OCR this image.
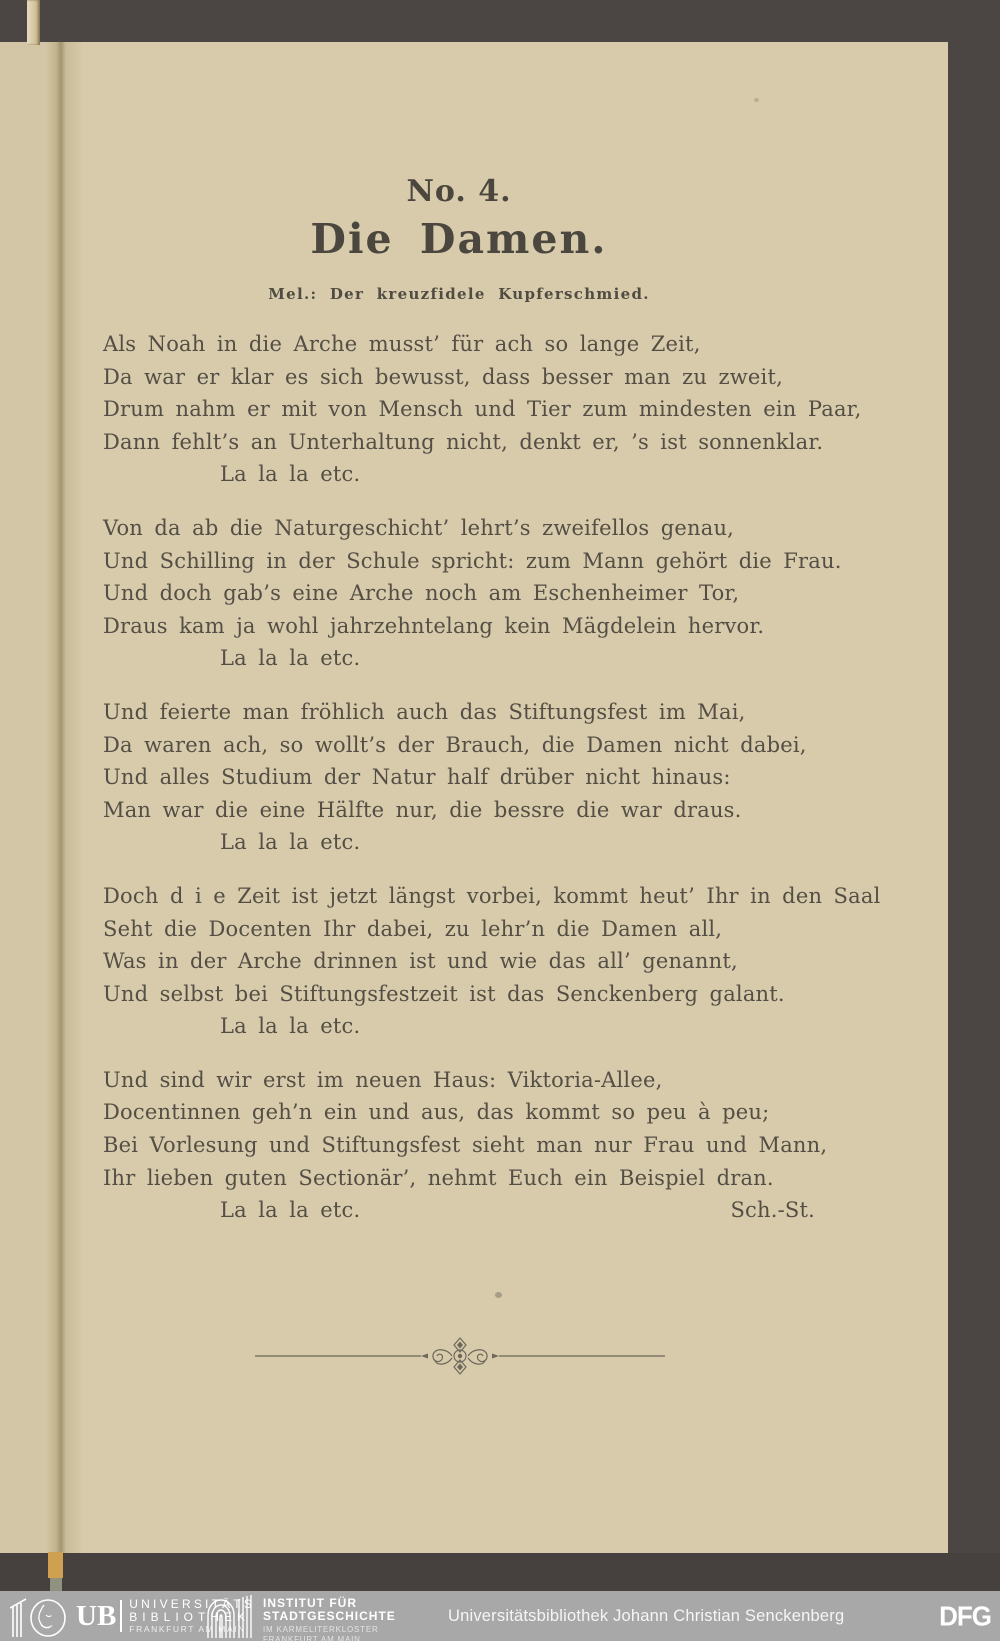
No. 4.
Die Damen.
Mel.: Der kreuzfidele Kupferschmied.
Als Noah in die Arche musst’ für ach so lange Zeit,
Da war er klar es sich bewusst, dass besser man zu zweit,
Drum nahm er mit von Mensch und Tier zum mindesten ein Paar,
Dann fehlt’s an Unterhaltung nicht, denkt er, ’s ist sonnenklar.
La la la etc.
Von da ab die Naturgeschicht’ lehrt’s zweifellos genau,
Und Schilling in der Schule spricht: zum Mann gehört die Frau.
Und doch gab’s eine Arche noch am Eschenheimer Tor,
Draus kam ja wohl jahrzehntelang kein Mägdelein hervor.
La la la etc.
Und feierte man fröhlich auch das Stiftungsfest im Mai,
Da waren ach, so wollt’s der Brauch, die Damen nicht dabei,
Und alles Studium der Natur half drüber nicht hinaus:
Man war die eine Hälfte nur, die bessre die war draus.
La la la etc.
Doch d i e Zeit ist jetzt längst vorbei, kommt heut’ Ihr in den Saal
Seht die Docenten Ihr dabei, zu lehr’n die Damen all,
Was in der Arche drinnen ist und wie das all’ genannt,
Und selbst bei Stiftungsfestzeit ist das Senckenberg galant.
La la la etc.
Und sind wir erst im neuen Haus: Viktoria-Allee,
Docentinnen geh’n ein und aus, das kommt so peu à peu;
Bei Vorlesung und Stiftungsfest sieht man nur Frau und Mann,
Ihr lieben guten Sectionär’, nehmt Euch ein Beispiel dran.
La la la etc.	Sch.-St.
UB UNIVERSITÄTS
BIBLIOTHEK
FRANKFURT AM MAIN
INSTITUT FÜR
STADTGESCHICHTE
IM KARMELITERKLOSTER
FRANKFURT AM MAIN
Universitätsbibliothek Johann Christian Senckenberg	DFG
